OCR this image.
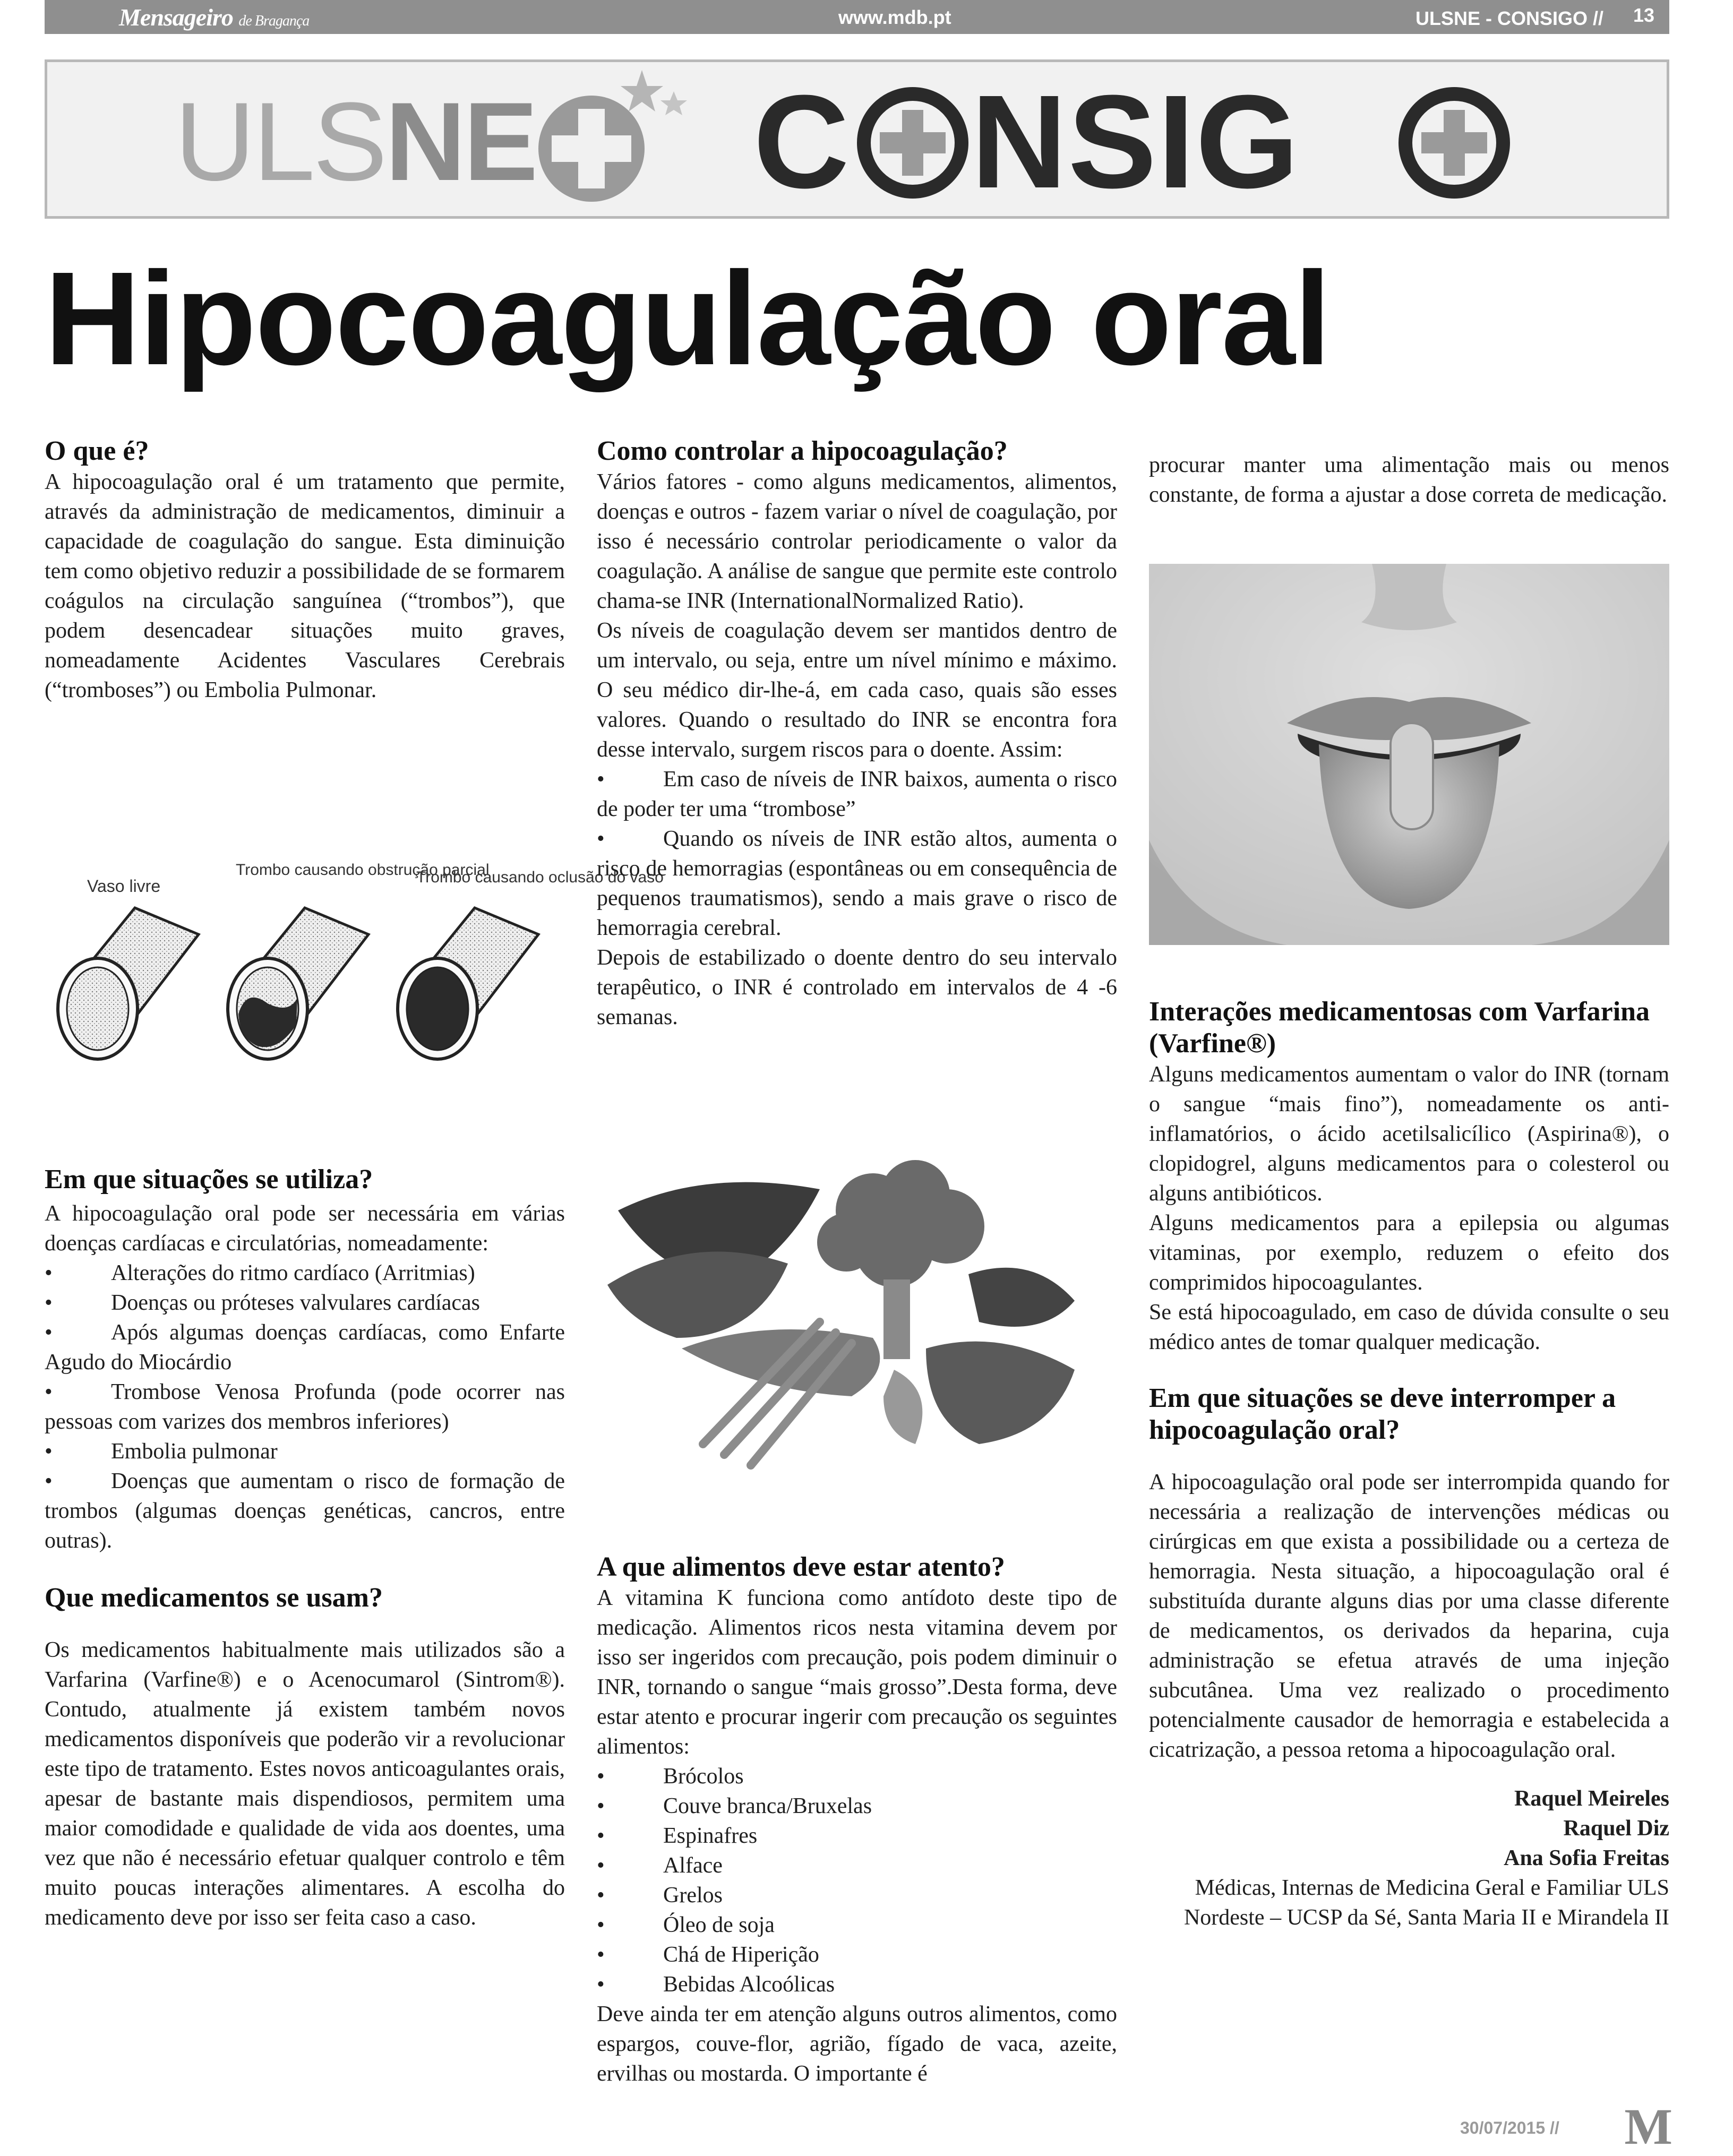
Mensageiro de Bragança	www.mdb.pt	ULSNE - CONSIGO // 13
ULSNE C NSIG
Hipocoagulação oral
O que é?

A hipocoagulação oral é um tratamento que permite, através da administração de medicamentos, diminuir a capacidade de coagulação do sangue. Esta diminuição tem como objetivo reduzir a possibilidade de se formarem coágulos na circulação sanguínea (“trombos”), que podem desencadear situações muito graves, nomeadamente Acidentes Vasculares Cerebrais (“tromboses”) ou Embolia Pulmonar.

Vaso livre
Trombo causando obstrução parcial
Trombo causando oclusão do vaso
Em que situações se utiliza?

A hipocoagulação oral pode ser necessária em várias doenças cardíacas e circulatórias, nomeadamente:

• Alterações do ritmo cardíaco (Arritmias)
• Doenças ou próteses valvulares cardíacas
• Após algumas doenças cardíacas, como Enfarte Agudo do Miocárdio
• Trombose Venosa Profunda (pode ocorrer nas pessoas com varizes dos membros inferiores)
• Embolia pulmonar
• Doenças que aumentam o risco de formação de trombos (algumas doenças genéticas, cancros, entre outras).
Que medicamentos se usam?

Os medicamentos habitualmente mais utilizados são a Varfarina (Varfine®) e o Acenocumarol (Sintrom®). Contudo, atualmente já existem também novos medicamentos disponíveis que poderão vir a revolucionar este tipo de tratamento. Estes novos anticoagulantes orais, apesar de bastante mais dispendiosos, permitem uma maior comodidade e qualidade de vida aos doentes, uma vez que não é necessário efetuar qualquer controlo e têm muito poucas interações alimentares. A escolha do medicamento deve por isso ser feita caso a caso.

Como controlar a hipocoagulação?

Vários fatores - como alguns medicamentos, alimentos, doenças e outros - fazem variar o nível de coagulação, por isso é necessário controlar periodicamente o valor da coagulação. A análise de sangue que permite este controlo chama-se INR (InternationalNormalized Ratio).

Os níveis de coagulação devem ser mantidos dentro de um intervalo, ou seja, entre um nível mínimo e máximo. O seu médico dir-lhe-á, em cada caso, quais são esses valores. Quando o resultado do INR se encontra fora desse intervalo, surgem riscos para o doente. Assim:

• Em caso de níveis de INR baixos, aumenta o risco de poder ter uma “trombose”
• Quando os níveis de INR estão altos, aumenta o risco de hemorragias (espontâneas ou em consequência de pequenos traumatismos), sendo a mais grave o risco de hemorragia cerebral.

Depois de estabilizado o doente dentro do seu intervalo terapêutico, o INR é controlado em intervalos de 4 -6 semanas.

A que alimentos deve estar atento?

A vitamina K funciona como antídoto deste tipo de medicação. Alimentos ricos nesta vitamina devem por isso ser ingeridos com precaução, pois podem diminuir o INR, tornando o sangue “mais grosso”.Desta forma, deve estar atento e procurar ingerir com precaução os seguintes alimentos:

• Brócolos
• Couve branca/Bruxelas
• Espinafres
• Alface
• Grelos
• Óleo de soja
• Chá de Hiperição
• Bebidas Alcoólicas

Deve ainda ter em atenção alguns outros alimentos, como espargos, couve-flor, agrião, fígado de vaca, azeite, ervilhas ou mostarda. O importante é

procurar manter uma alimentação mais ou menos constante, de forma a ajustar a dose correta de medicação.

Interações medicamentosas com Varfarina (Varfine®)

Alguns medicamentos aumentam o valor do INR (tornam o sangue “mais fino”), nomeadamente os anti-inflamatórios, o ácido acetilsalicílico (Aspirina®), o clopidogrel, alguns medicamentos para o colesterol ou alguns antibióticos.

Alguns medicamentos para a epilepsia ou algumas vitaminas, por exemplo, reduzem o efeito dos comprimidos hipocoagulantes.

Se está hipocoagulado, em caso de dúvida consulte o seu médico antes de tomar qualquer medicação.

Em que situações se deve interromper a hipocoagulação oral?

A hipocoagulação oral pode ser interrompida quando for necessária a realização de intervenções médicas ou cirúrgicas em que exista a possibilidade ou a certeza de hemorragia. Nesta situação, a hipocoagulação oral é substituída durante alguns dias por uma classe diferente de medicamentos, os derivados da heparina, cuja administração se efetua através de uma injeção subcutânea. Uma vez realizado o procedimento potencialmente causador de hemorragia e estabelecida a cicatrização, a pessoa retoma a hipocoagulação oral.

Raquel Meireles
Raquel Diz
Ana Sofia Freitas
Médicas, Internas de Medicina Geral e Familiar ULS Nordeste – UCSP da Sé, Santa Maria II e Mirandela II
30/07/2015 // M
